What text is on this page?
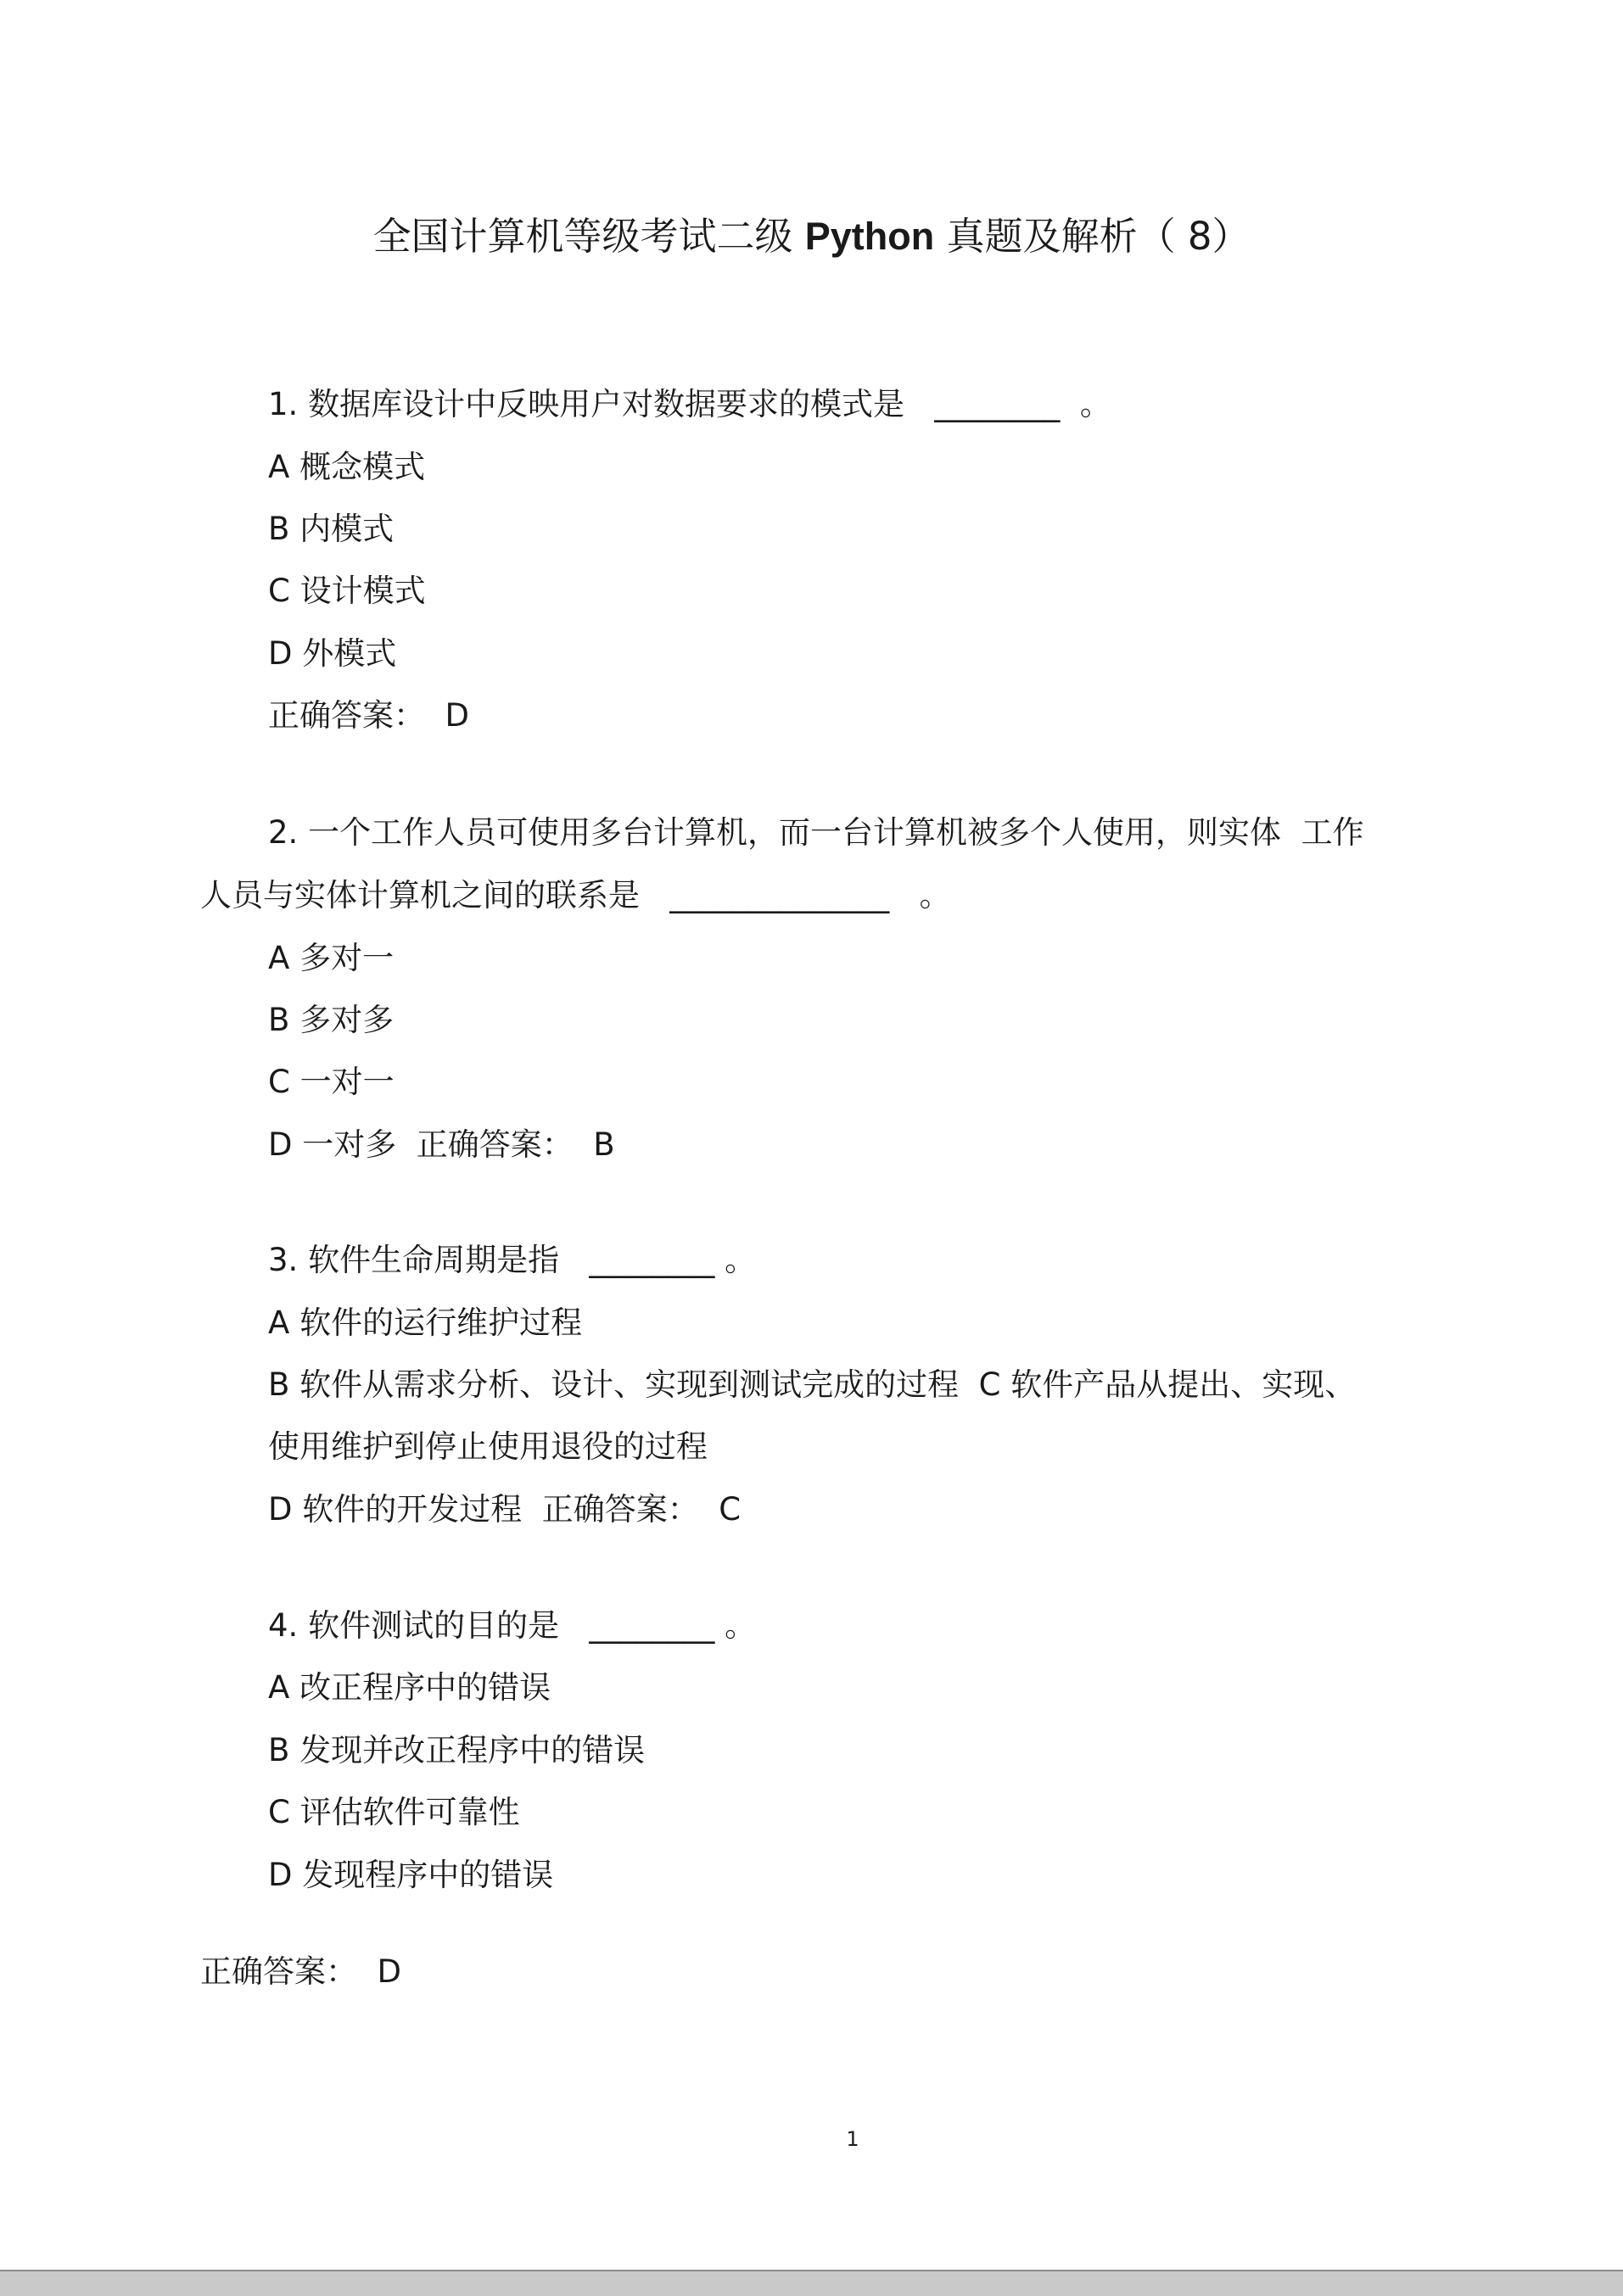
全国计算机等级考试二级 Python 真题及解析（ 8）
1. 数据库设计中反映用户对数据要求的模式是   ________  。
A 概念模式
B 内模式
C 设计模式
D 外模式
正确答案：  D
2. 一个工作人员可使用多台计算机，而一台计算机被多个人使用，则实体  工作
人员与实体计算机之间的联系是   ______________   。
A 多对一
B 多对多
C 一对一
D 一对多  正确答案：  B
3. 软件生命周期是指   ________ 。
A 软件的运行维护过程
B 软件从需求分析、设计、实现到测试完成的过程  C 软件产品从提出、实现、
使用维护到停止使用退役的过程
D 软件的开发过程  正确答案：  C
4. 软件测试的目的是   ________ 。
A 改正程序中的错误
B 发现并改正程序中的错误
C 评估软件可靠性
D 发现程序中的错误
正确答案：  D
1
